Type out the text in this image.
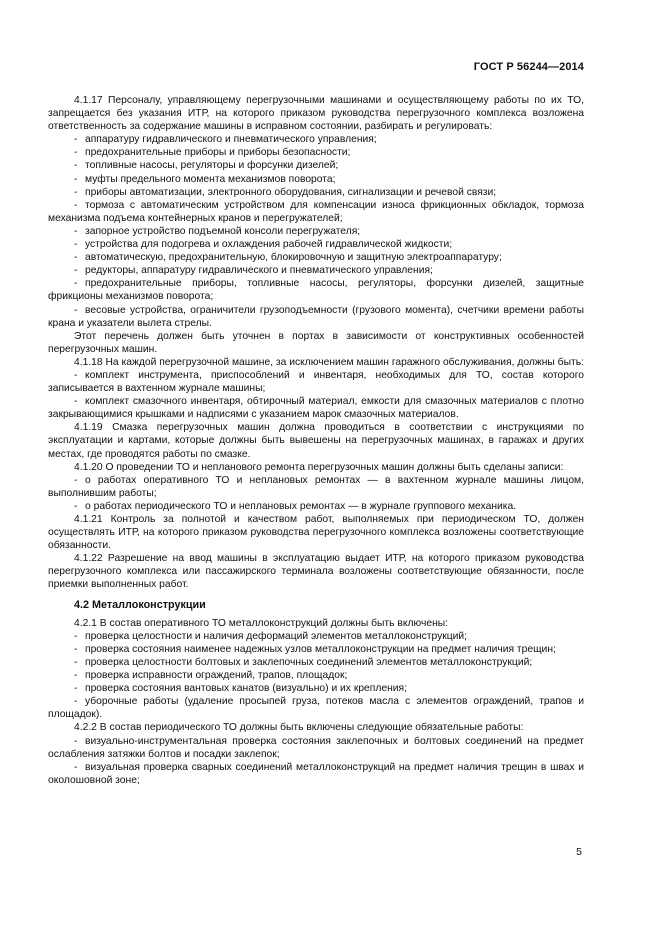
ГОСТ Р 56244—2014

4.1.17 Персоналу, управляющему перегрузочными машинами и осуществляющему работы по их ТО, запрещается без указания ИТР, на которого приказом руководства перегрузочного комплекса возложена ответственность за содержание машины в исправном состоянии, разбирать и регулировать:

- аппаратуру гидравлического и пневматического управления;

- предохранительные приборы и приборы безопасности;

- топливные насосы, регуляторы и форсунки дизелей;

- муфты предельного момента механизмов поворота;

- приборы автоматизации, электронного оборудования, сигнализации и речевой связи;

- тормоза с автоматическим устройством для компенсации износа фрикционных обкладок, тормоза механизма подъема контейнерных кранов и перегружателей;

- запорное устройство подъемной консоли перегружателя;

- устройства для подогрева и охлаждения рабочей гидравлической жидкости;

- автоматическую, предохранительную, блокировочную и защитную электроаппаратуру;

- редукторы, аппаратуру гидравлического и пневматического управления;

- предохранительные приборы, топливные насосы, регуляторы, форсунки дизелей, защитные фрикционы механизмов поворота;

- весовые устройства, ограничители грузоподъемности (грузового момента), счетчики времени работы крана и указатели вылета стрелы.

Этот перечень должен быть уточнен в портах в зависимости от конструктивных особенностей перегрузочных машин.

4.1.18 На каждой перегрузочной машине, за исключением машин гаражного обслуживания, должны быть:

- комплект инструмента, приспособлений и инвентаря, необходимых для ТО, состав которого записывается в вахтенном журнале машины;

- комплект смазочного инвентаря, обтирочный материал, емкости для смазочных материалов с плотно закрывающимися крышками и надписями с указанием марок смазочных материалов.

4.1.19 Смазка перегрузочных машин должна проводиться в соответствии с инструкциями по эксплуатации и картами, которые должны быть вывешены на перегрузочных машинах, в гаражах и других местах, где проводятся работы по смазке.

4.1.20 О проведении ТО и непланового ремонта перегрузочных машин должны быть сделаны записи:

- о работах оперативного ТО и неплановых ремонтах — в вахтенном журнале машины лицом, выполнившим работы;

- о работах периодического ТО и неплановых ремонтах — в журнале группового механика.

4.1.21 Контроль за полнотой и качеством работ, выполняемых при периодическом ТО, должен осуществлять ИТР, на которого приказом руководства перегрузочного комплекса возложены соответствующие обязанности.

4.1.22 Разрешение на ввод машины в эксплуатацию выдает ИТР, на которого приказом руководства перегрузочного комплекса или пассажирского терминала возложены соответствующие обязанности, после приемки выполненных работ.

4.2 Металлоконструкции

4.2.1 В состав оперативного ТО металлоконструкций должны быть включены:

- проверка целостности и наличия деформаций элементов металлоконструкций;

- проверка состояния наименее надежных узлов металлоконструкции на предмет наличия трещин;

- проверка целостности болтовых и заклепочных соединений элементов металлоконструкций;

- проверка исправности ограждений, трапов, площадок;

- проверка состояния вантовых канатов (визуально) и их крепления;

- уборочные работы (удаление просыпей груза, потеков масла с элементов ограждений, трапов и площадок).

4.2.2 В состав периодического ТО должны быть включены следующие обязательные работы:

- визуально-инструментальная проверка состояния заклепочных и болтовых соединений на предмет ослабления затяжки болтов и посадки заклепок;

- визуальная проверка сварных соединений металлоконструкций на предмет наличия трещин в швах и околошовной зоне;

5
